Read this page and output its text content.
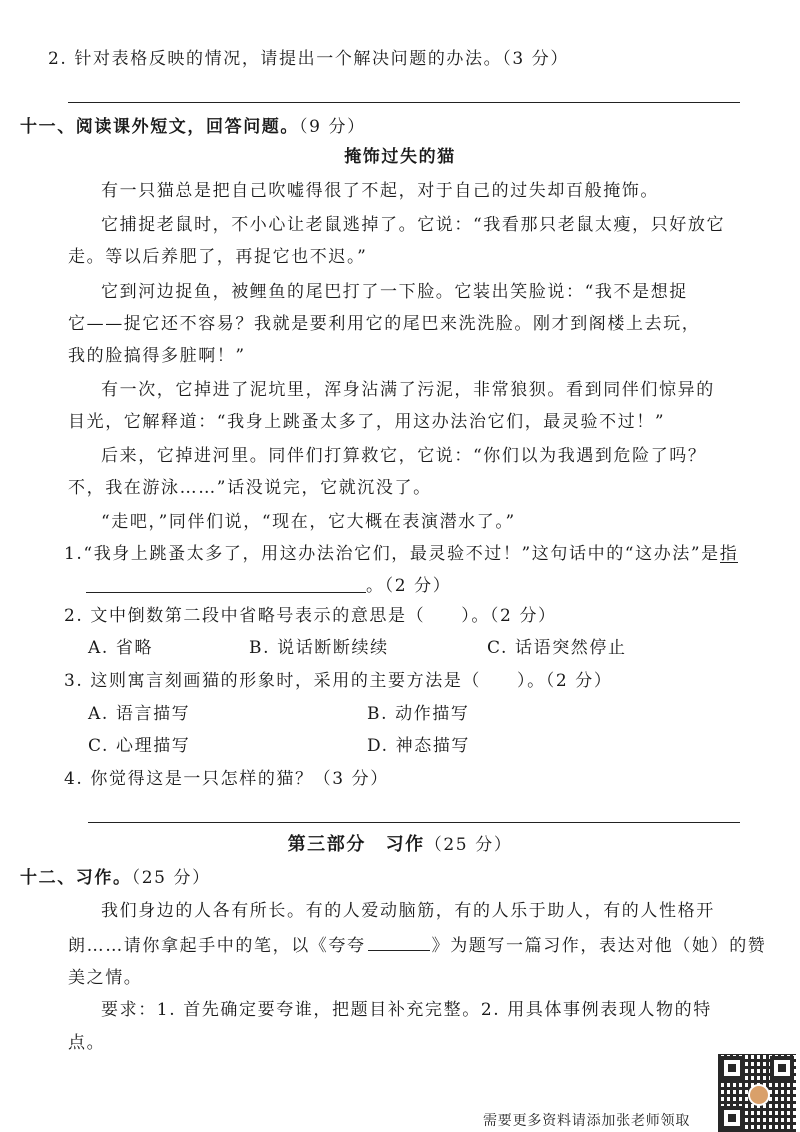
2. 针对表格反映的情况，请提出一个解决问题的办法。（3 分）
十一、阅读课外短文，回答问题。（9 分）
掩饰过失的猫
有一只猫总是把自己吹嘘得很了不起，对于自己的过失却百般掩饰。
它捕捉老鼠时，不小心让老鼠逃掉了。它说：“我看那只老鼠太瘦，只好放它
走。等以后养肥了，再捉它也不迟。”
它到河边捉鱼，被鲤鱼的尾巴打了一下脸。它装出笑脸说：“我不是想捉
它——捉它还不容易？我就是要利用它的尾巴来洗洗脸。刚才到阁楼上去玩，
我的脸搞得多脏啊！”
有一次，它掉进了泥坑里，浑身沾满了污泥，非常狼狈。看到同伴们惊异的
目光，它解释道：“我身上跳蚤太多了，用这办法治它们，最灵验不过！”
后来，它掉进河里。同伴们打算救它，它说：“你们以为我遇到危险了吗？
不，我在游泳……”话没说完，它就沉没了。
“走吧，”同伴们说，“现在，它大概在表演潜水了。”
1.“我身上跳蚤太多了，用这办法治它们，最灵验不过！”这句话中的“这办法”是指
。（2 分）
2. 文中倒数第二段中省略号表示的意思是（ ）。（2 分）
A. 省略	B. 说话断断续续	C. 话语突然停止
3. 这则寓言刻画猫的形象时，采用的主要方法是（ ）。（2 分）
A. 语言描写	B. 动作描写
C. 心理描写	D. 神态描写
4. 你觉得这是一只怎样的猫？（3 分）
第三部分　习作（25 分）
十二、习作。（25 分）
我们身边的人各有所长。有的人爱动脑筋，有的人乐于助人，有的人性格开
朗……请你拿起手中的笔，以《夸夸	》为题写一篇习作，表达对他（她）的赞
美之情。
要求：1. 首先确定要夸谁，把题目补充完整。2. 用具体事例表现人物的特
点。
需要更多资料请添加张老师领取
